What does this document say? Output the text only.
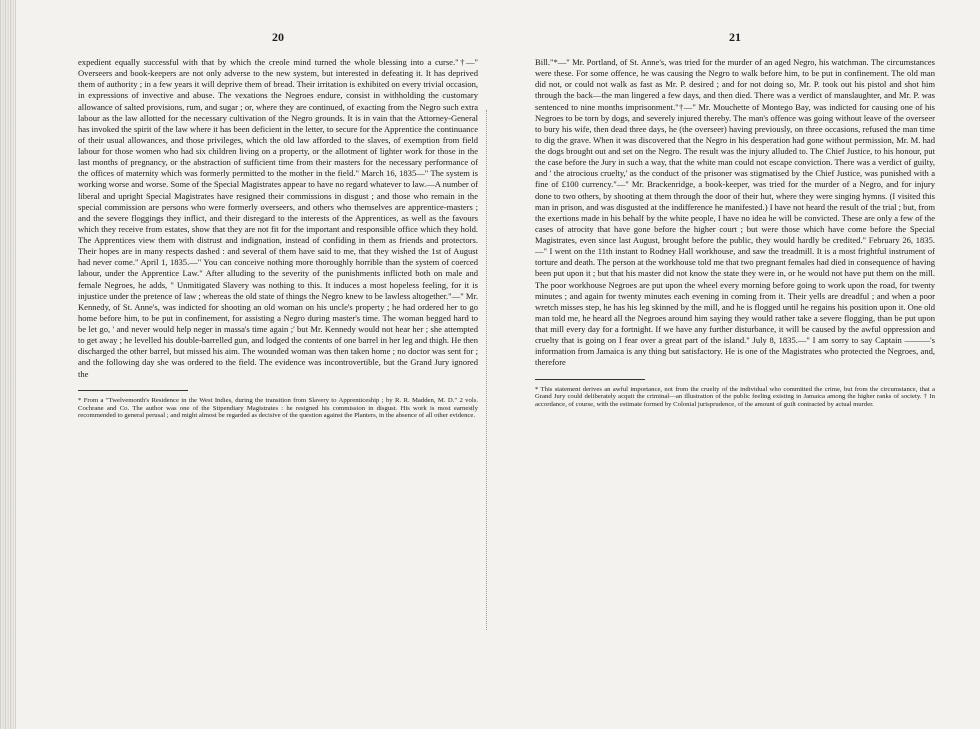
20

expedient equally successful with that by which the creole mind turned the whole blessing into a curse."†—" Overseers and book-keepers are not only adverse to the new system, but interested in defeating it. It has deprived them of authority ; in a few years it will deprive them of bread. Their irritation is exhibited on every trivial occasion, in expressions of invective and abuse. The vexations the Negroes endure, consist in withholding the customary allowance of salted provisions, rum, and sugar ; or, where they are continued, of exacting from the Negro such extra labour as the law allotted for the necessary cultivation of the Negro grounds. It is in vain that the Attorney-General has invoked the spirit of the law where it has been deficient in the letter, to secure for the Apprentice the continuance of their usual allowances, and those privileges, which the old law afforded to the slaves, of exemption from field labour for those women who had six children living on a property, or the allotment of lighter work for those in the last months of pregnancy, or the abstraction of sufficient time from their masters for the necessary performance of the offices of maternity which was formerly permitted to the mother in the field." March 16, 1835—" The system is working worse and worse. Some of the Special Magistrates appear to have no regard whatever to law.—A number of liberal and upright Special Magistrates have resigned their commissions in disgust ; and those who remain in the special commission are persons who were formerly overseers, and others who themselves are apprentice-masters ; and the severe floggings they inflict, and their disregard to the interests of the Apprentices, as well as the favours which they receive from estates, show that they are not fit for the important and responsible office which they hold. The Apprentices view them with distrust and indignation, instead of confiding in them as friends and protectors. Their hopes are in many respects dashed : and several of them have said to me, that they wished the 1st of August had never come." April 1, 1835.—" You can conceive nothing more thoroughly horrible than the system of coerced labour, under the Apprentice Law." After alluding to the severity of the punishments inflicted both on male and female Negroes, he adds, " Unmitigated Slavery was nothing to this. It induces a most hopeless feeling, for it is injustice under the pretence of law ; whereas the old state of things the Negro knew to be lawless altogether."—" Mr. Kennedy, of St. Anne's, was indicted for shooting an old woman on his uncle's property ; he had ordered her to go home before him, to be put in confinement, for assisting a Negro during master's time. The woman begged hard to be let go, ' and never would help neger in massa's time again ;' but Mr. Kennedy would not hear her ; she attempted to get away ; he levelled his double-barrelled gun, and lodged the contents of one barrel in her leg and thigh. He then discharged the other barrel, but missed his aim. The wounded woman was then taken home ; no doctor was sent for ; and the following day she was ordered to the field. The evidence was incontrovertible, but the Grand Jury ignored the

* From a "Twelvemonth's Residence in the West Indies, during the transition from Slavery to Apprenticeship ; by R. R. Madden, M. D." 2 vols. Cochrane and Co. The author was one of the Stipendiary Magistrates : he resigned his commission in disgust. His work is most earnestly recommended to general perusal ; and might almost be regarded as decisive of the question against the Planters, in the absence of all other evidence.

21

Bill."*—" Mr. Portland, of St. Anne's, was tried for the murder of an aged Negro, his watchman. The circumstances were these. For some offence, he was causing the Negro to walk before him, to be put in confinement. The old man did not, or could not walk as fast as Mr. P. desired ; and for not doing so, Mr. P. took out his pistol and shot him through the back—the man lingered a few days, and then died. There was a verdict of manslaughter, and Mr. P. was sentenced to nine months imprisonment."†—" Mr. Mouchette of Montego Bay, was indicted for causing one of his Negroes to be torn by dogs, and severely injured thereby. The man's offence was going without leave of the overseer to bury his wife, then dead three days, he (the overseer) having previously, on three occasions, refused the man time to dig the grave. When it was discovered that the Negro in his desperation had gone without permission, Mr. M. had the dogs brought out and set on the Negro. The result was the injury alluded to. The Chief Justice, to his honour, put the case before the Jury in such a way, that the white man could not escape conviction. There was a verdict of guilty, and ' the atrocious cruelty,' as the conduct of the prisoner was stigmatised by the Chief Justice, was punished with a fine of £100 currency."—" Mr. Brackenridge, a book-keeper, was tried for the murder of a Negro, and for injury done to two others, by shooting at them through the door of their hut, where they were singing hymns. (I visited this man in prison, and was disgusted at the indifference he manifested.) I have not heard the result of the trial ; but, from the exertions made in his behalf by the white people, I have no idea he will be convicted. These are only a few of the cases of atrocity that have gone before the higher court ; but were those which have come before the Special Magistrates, even since last August, brought before the public, they would hardly be credited." February 26, 1835.—" I went on the 11th instant to Rodney Hall workhouse, and saw the treadmill. It is a most frightful instrument of torture and death. The person at the workhouse told me that two pregnant females had died in consequence of having been put upon it ; but that his master did not know the state they were in, or he would not have put them on the mill. The poor workhouse Negroes are put upon the wheel every morning before going to work upon the road, for twenty minutes ; and again for twenty minutes each evening in coming from it. Their yells are dreadful ; and when a poor wretch misses step, he has his leg skinned by the mill, and he is flogged until he regains his position upon it. One old man told me, he heard all the Negroes around him saying they would rather take a severe flogging, than be put upon that mill every day for a fortnight. If we have any further disturbance, it will be caused by the awful oppression and cruelty that is going on I fear over a great part of the island." July 8, 1835.—" I am sorry to say Captain ———'s information from Jamaica is any thing but satisfactory. He is one of the Magistrates who protected the Negroes, and, therefore

* This statement derives an awful importance, not from the cruelty of the individual who committed the crime, but from the circumstance, that a Grand Jury could deliberately acquit the criminal—an illustration of the public feeling existing in Jamaica among the higher ranks of society. † In accordance, of course, with the estimate formed by Colonial jurisprudence, of the amount of guilt contracted by actual murder.
